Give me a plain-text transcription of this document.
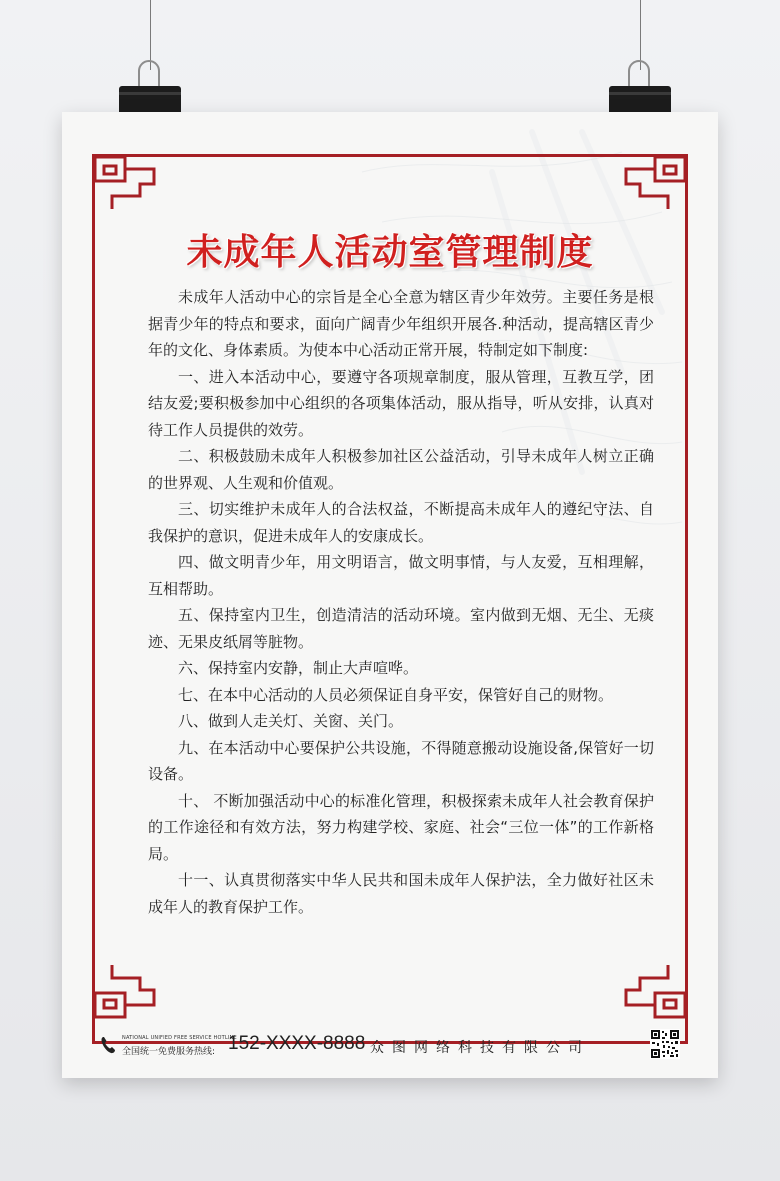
未成年人活动室管理制度

未成年人活动中心的宗旨是全心全意为辖区青少年效劳。主要任务是根据青少年的特点和要求，面向广阔青少年组织开展各.种活动，提高辖区青少年的文化、身体素质。为使本中心活动正常开展，特制定如下制度:

一、进入本活动中心，要遵守各项规章制度，服从管理，互教互学，团结友爱;要积极参加中心组织的各项集体活动，服从指导，听从安排，认真对待工作人员提供的效劳。

二、积极鼓励未成年人积极参加社区公益活动，引导未成年人树立正确的世界观、人生观和价值观。

三、切实维护未成年人的合法权益，不断提高未成年人的遵纪守法、自我保护的意识，促进未成年人的安康成长。

四、做文明青少年，用文明语言，做文明事情，与人友爱，互相理解，互相帮助。

五、保持室内卫生，创造清洁的活动环境。室内做到无烟、无尘、无痰迹、无果皮纸屑等脏物。

六、保持室内安静，制止大声喧哗。

七、在本中心活动的人员必须保证自身平安，保管好自己的财物。

八、做到人走关灯、关窗、关门。

九、在本活动中心要保护公共设施，不得随意搬动设施设备,保管好一切设备。

十、 不断加强活动中心的标准化管理，积极探索未成年人社会教育保护的工作途径和有效方法，努力构建学校、家庭、社会“三位一体”的工作新格局。

十一、认真贯彻落实中华人民共和国未成年人保护法，全力做好社区未成年人的教育保护工作。

NATIONAL UNIFIED FREE SERVICE HOTLINE
全国统一免费服务热线: 152-XXXX-8888 众图网络科技有限公司
